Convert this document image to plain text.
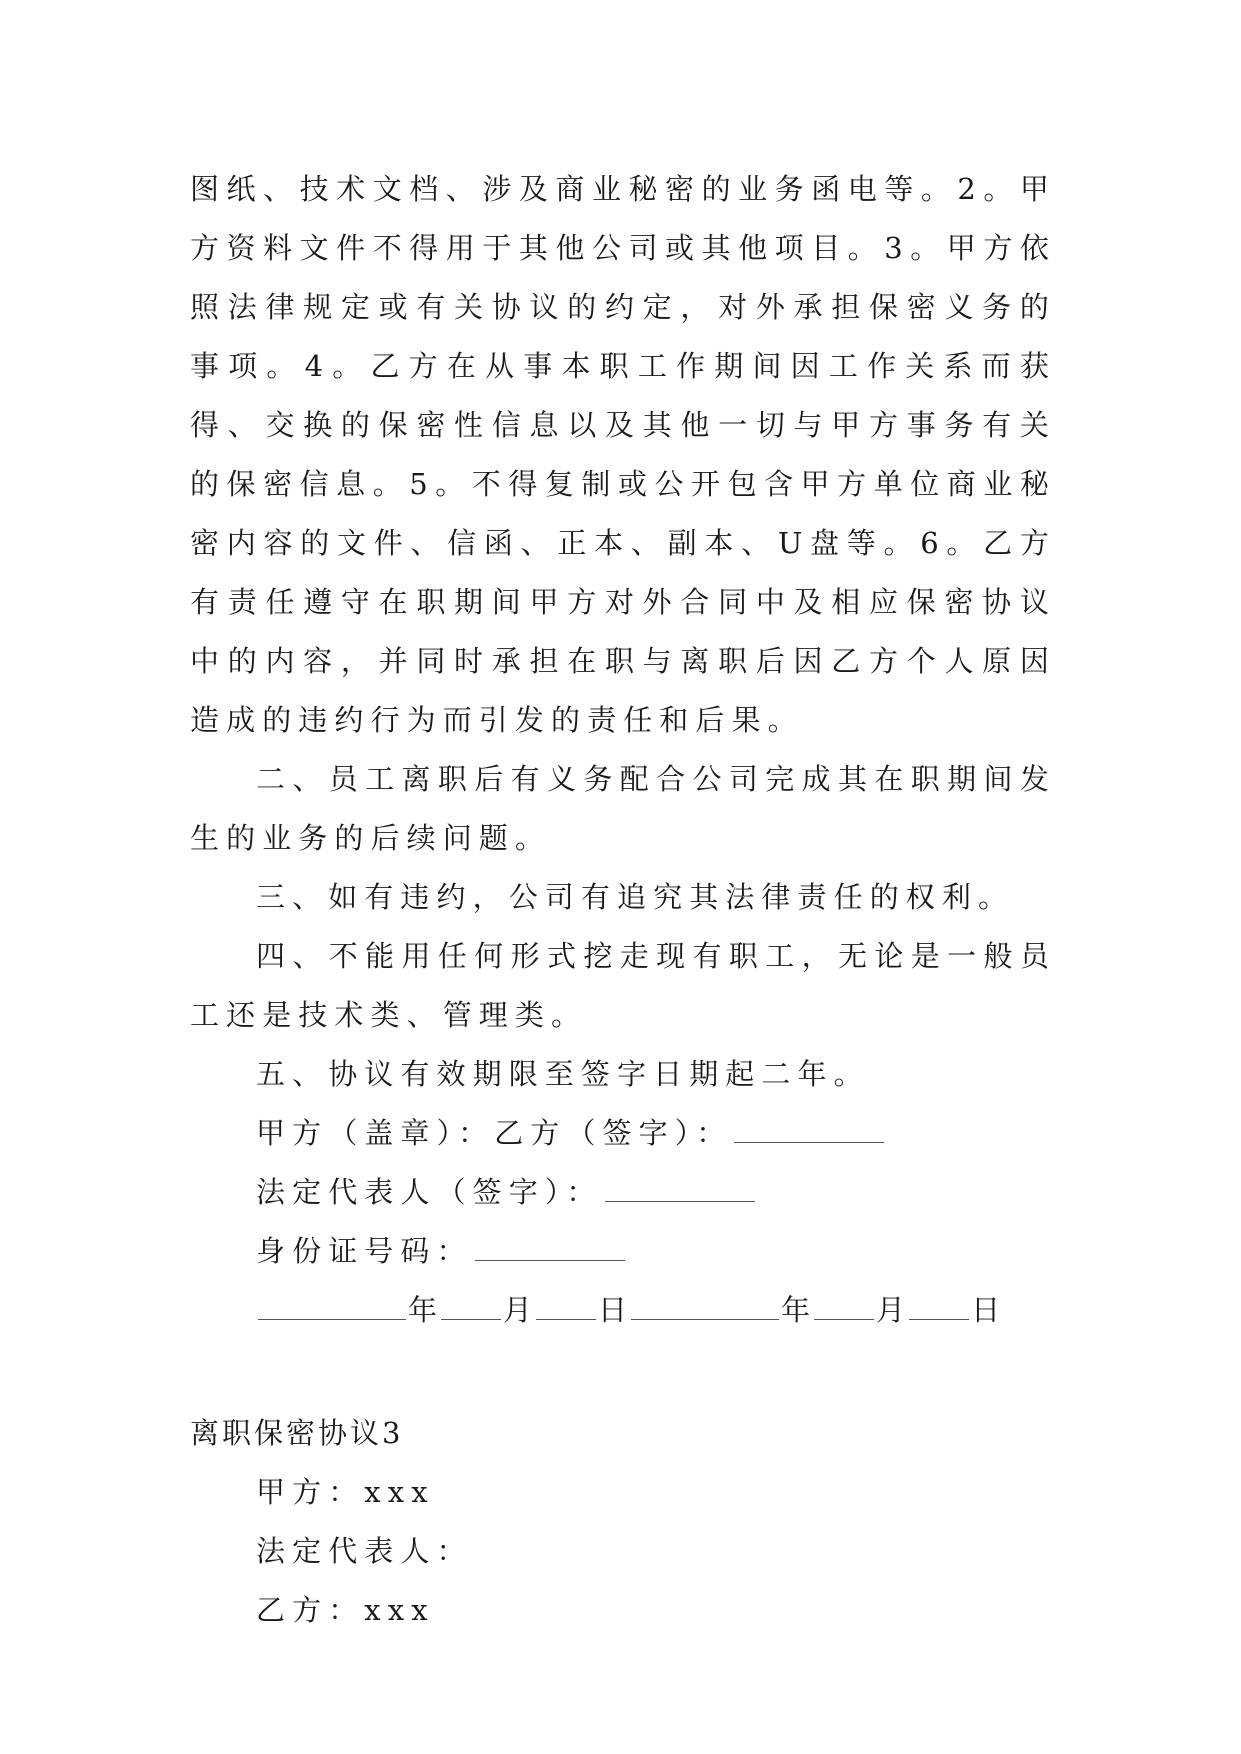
图纸、技术文档、涉及商业秘密的业务函电等。2。甲方资料文件不得用于其他公司或其他项目。3。甲方依照法律规定或有关协议的约定，对外承担保密义务的事项。4。乙方在从事本职工作期间因工作关系而获得、交换的保密性信息以及其他一切与甲方事务有关的保密信息。5。不得复制或公开包含甲方单位商业秘密内容的文件、信函、正本、副本、U盘等。6。乙方有责任遵守在职期间甲方对外合同中及相应保密协议中的内容，并同时承担在职与离职后因乙方个人原因造成的违约行为而引发的责任和后果。

二、员工离职后有义务配合公司完成其在职期间发生的业务的后续问题。

三、如有违约，公司有追究其法律责任的权利。

四、不能用任何形式挖走现有职工，无论是一般员工还是技术类、管理类。

五、协议有效期限至签字日期起二年。

甲方（盖章）：乙方（签字）：

法定代表人（签字）：

身份证号码：

年 月 日	年 月 日

离职保密协议3

甲方：xxx

法定代表人：

乙方：xxx
